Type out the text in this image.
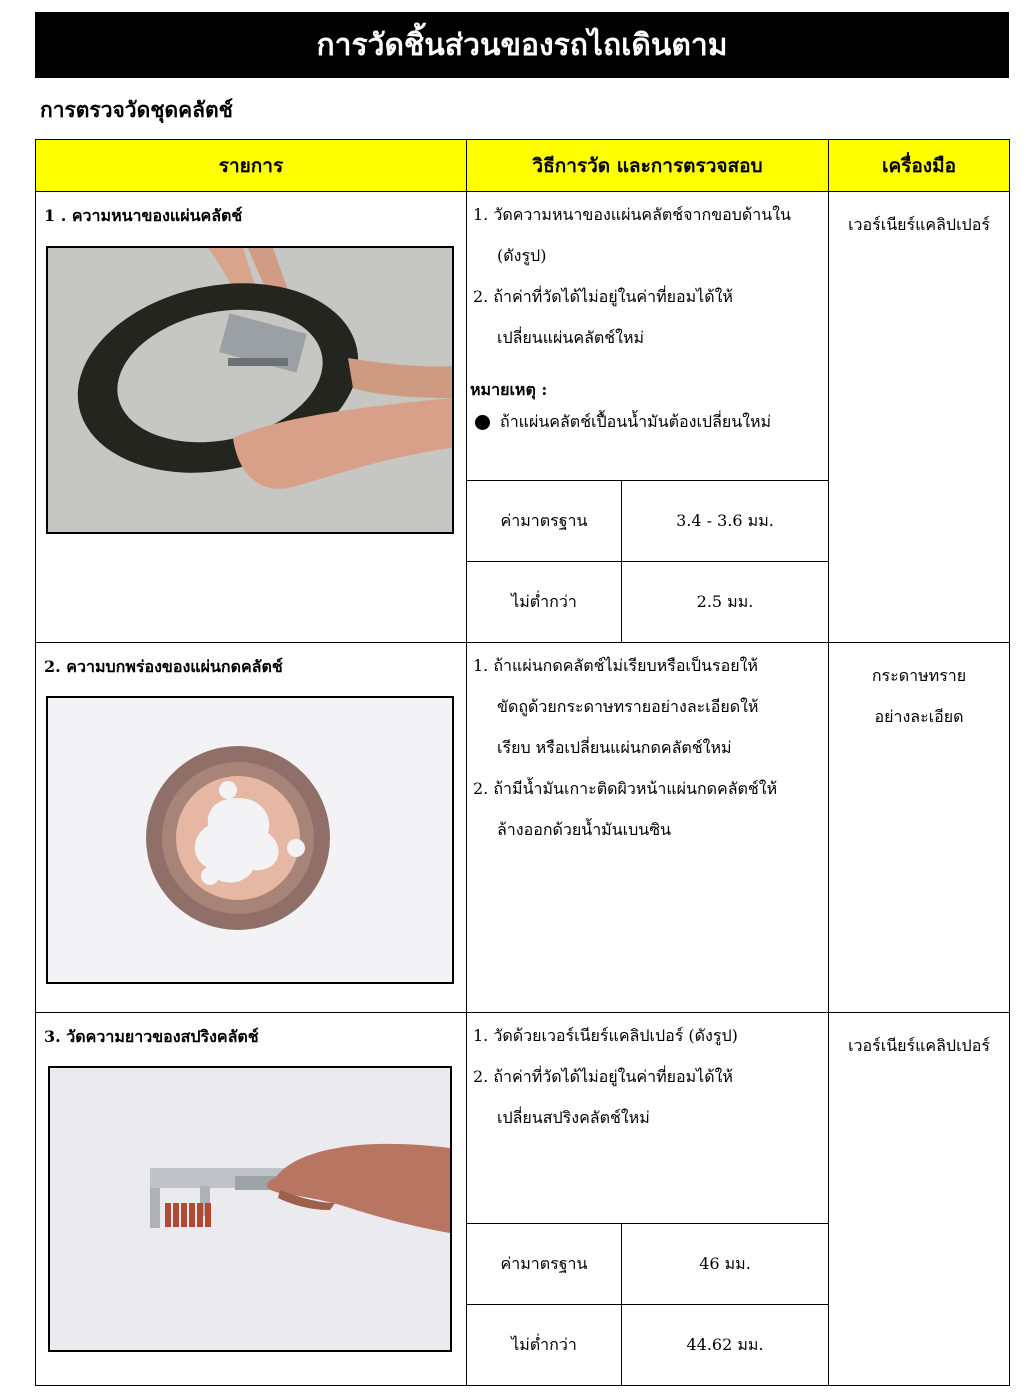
การวัดชิ้นส่วนของรถไถเดินตาม
การตรวจวัดชุดคลัตช์
รายการ	วิธีการวัด และการตรวจสอบ	เครื่องมือ

1 . ความหนาของแผ่นคลัตช์	1. วัดความหนาของแผ่นคลัตช์จากขอบด้านใน
(ดังรูป)
2. ถ้าค่าที่วัดได้ไม่อยู่ในค่าที่ยอมได้ให้
เปลี่ยนแผ่นคลัตช์ใหม่
หมายเหตุ :
ถ้าแผ่นคลัตช์เปื้อนน้ำมันต้องเปลี่ยนใหม่
ค่ามาตรฐาน	3.4 - 3.6 มม.
ไม่ต่ำกว่า	2.5 มม.

เวอร์เนียร์แคลิปเปอร์

2. ความบกพร่องของแผ่นกดคลัตช์	1. ถ้าแผ่นกดคลัตช์ไม่เรียบหรือเป็นรอยให้
ขัดถูด้วยกระดาษทรายอย่างละเอียดให้
เรียบ หรือเปลี่ยนแผ่นกดคลัตช์ใหม่
2. ถ้ามีน้ำมันเกาะติดผิวหน้าแผ่นกดคลัตช์ให้
ล้างออกด้วยน้ำมันเบนซิน

กระดาษทราย
อย่างละเอียด

3. วัดความยาวของสปริงคลัตช์	1. วัดด้วยเวอร์เนียร์แคลิปเปอร์ (ดังรูป)
2. ถ้าค่าที่วัดได้ไม่อยู่ในค่าที่ยอมได้ให้
เปลี่ยนสปริงคลัตช์ใหม่
ค่ามาตรฐาน	46 มม.
ไม่ต่ำกว่า	44.62 มม.

เวอร์เนียร์แคลิปเปอร์
